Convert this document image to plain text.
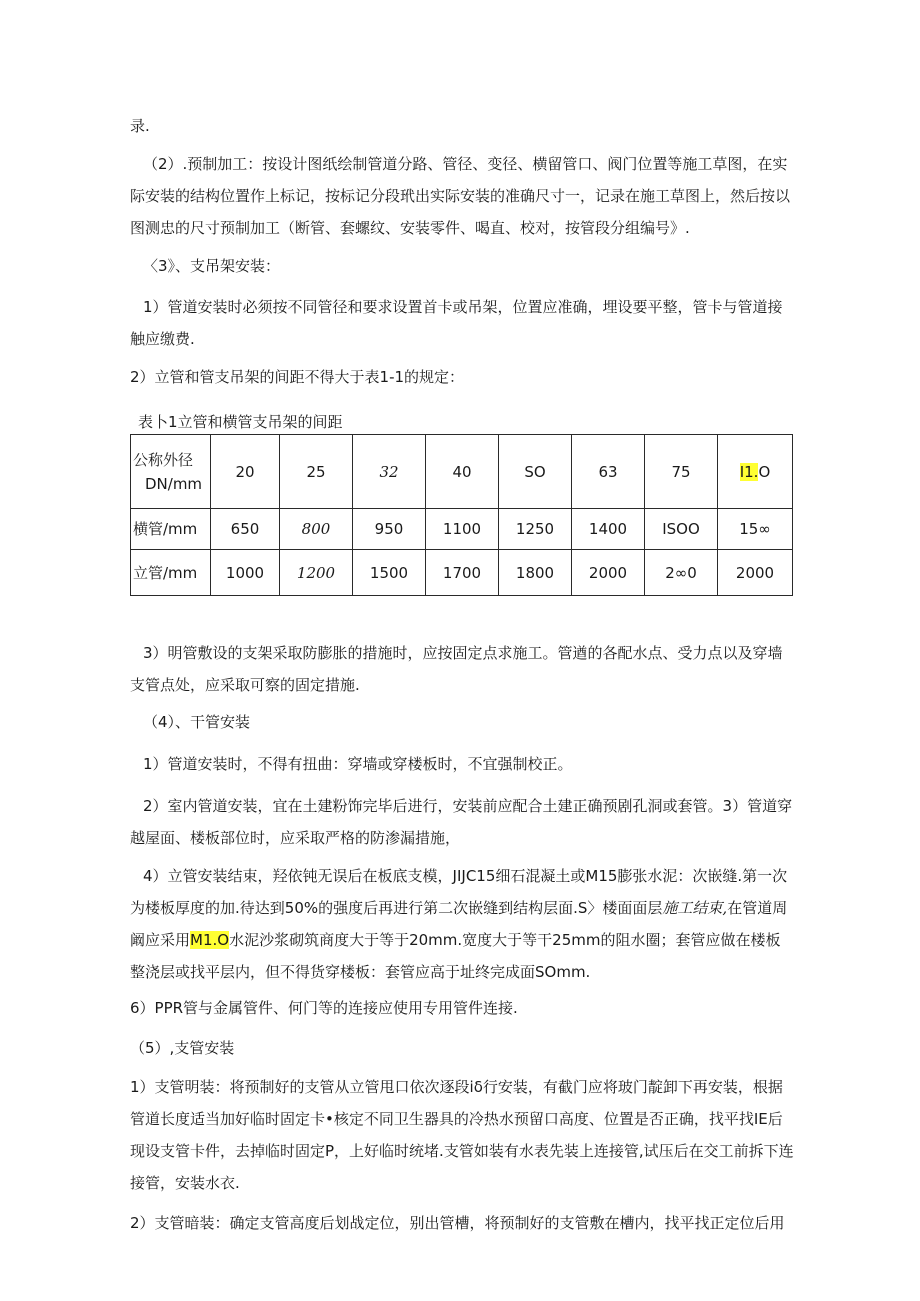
录.

（2）.预制加工：按设计图纸绘制管道分路、管径、变径、横留管口、阀门位置等施工草图，在实际安装的结构位置作上标记，按标记分段玳出实际安装的准确尺寸一，记录在施工草图上，然后按以图测忠的尺寸预制加工（断管、套螺纹、安装零件、喝直、校对，按管段分组编号》.

〈3》、支吊架安装：

1）管道安装时必须按不同管径和要求设置首卡或吊架，位置应准确，埋设要平整，管卡与管道接触应缴费.

2）立管和管支吊架的间距不得大于表1-1的规定：

表卜1立管和横管支吊架的间距
公称外径
DN/mm	20	25	32	40	SO	63	75	I1.O
横管/mm	650	800	950	1100	1250	1400	ISOO	15∞
立管/mm	1000	1200	1500	1700	1800	2000	2∞0	2000

3）明管敷设的支架采取防膨胀的措施时，应按固定点求施工。管遒的各配水点、受力点以及穿墙支管点处，应采取可察的固定措施.

（4）、干管安装

1）管道安装时，不得有扭曲：穿墙或穿楼板时，不宜强制校正。

2）室内管道安装，宜在土建粉饰完毕后进行，安装前应配合土建正确预剧孔洞或套管。3）管道穿越屋面、楼板部位时，应采取严格的防渗漏措施，

4）立管安装结束，羟依钝无误后在板底支模，JIJC15细石混凝土或M15膨张水泥：次嵌缝.第一次为楼板厚度的加.待达到50%的强度后再进行第二次嵌缝到结构层面.S〉楼面面层施工结束,在管道周阚应采用M1.O水泥沙浆砌筑商度大于等于20mm.宽度大于等干25mm的阻水圈；套管应做在楼板整浇层或找平层内，但不得货穿楼板：套管应高于址终完成面SOmm.

6）PPR管与金属管件、何门等的连接应使用专用管件连接.

（5）,支管安装

1）支管明装：将预制好的支管从立管甩口依次逐段iδ行安装，有截门应将玻门靛卸下再安装，根据管道长度适当加好临时固定卡•核定不同卫生器具的冷热水预留口高度、位置是否正确，找平找IE后现设支管卡件，去掉临时固定P，上好临时统堵.支管如装有水表先装上连接管,试压后在交工前拆下连接管，安装水衣.

2）支管暗装：确定支管高度后划战定位，别出管槽，将预制好的支管敷在槽内，找平找正定位后用
